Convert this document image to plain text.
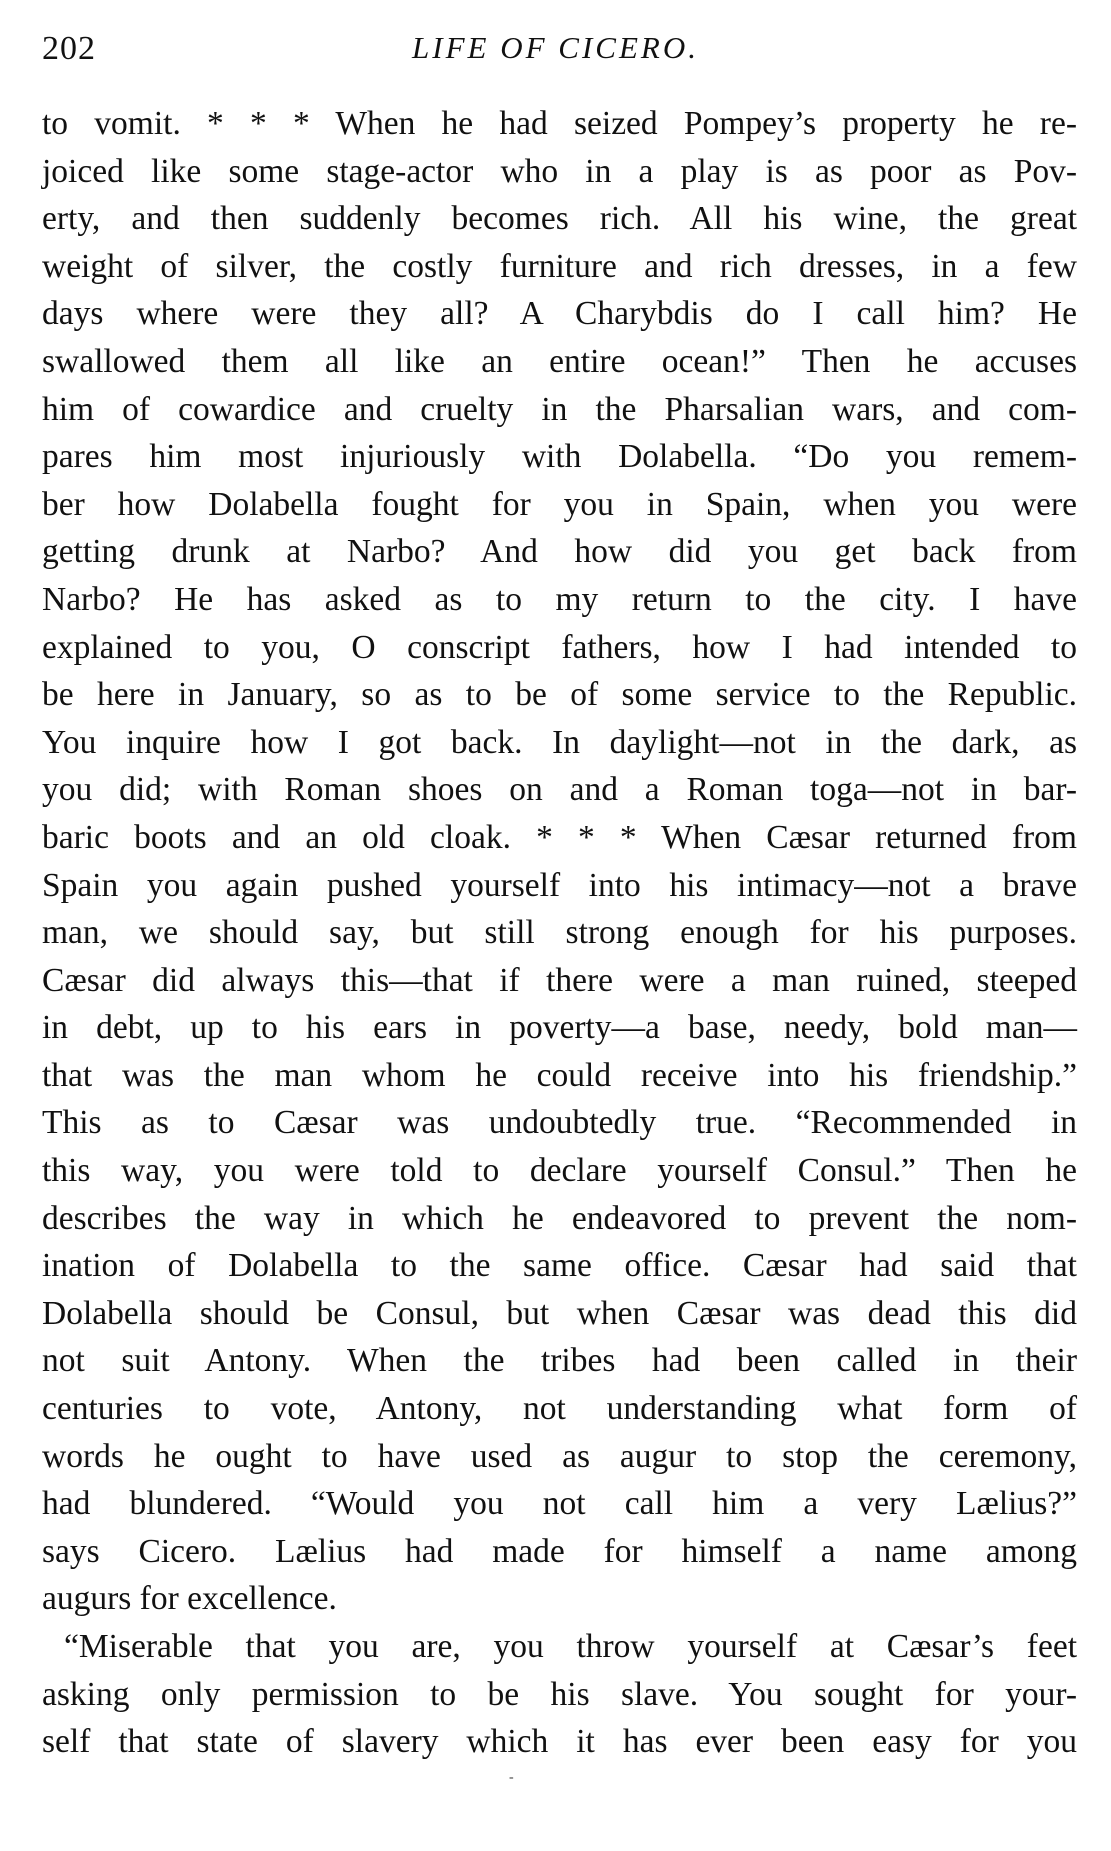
202	LIFE OF CICERO.
to vomit. * * * When he had seized Pompey’s property he re-
joiced like some stage-actor who in a play is as poor as Pov-
erty, and then suddenly becomes rich. All his wine, the great
weight of silver, the costly furniture and rich dresses, in a few
days where were they all? A Charybdis do I call him? He
swallowed them all like an entire ocean!” Then he accuses
him of cowardice and cruelty in the Pharsalian wars, and com-
pares him most injuriously with Dolabella. “Do you remem-
ber how Dolabella fought for you in Spain, when you were
getting drunk at Narbo? And how did you get back from
Narbo? He has asked as to my return to the city. I have
explained to you, O conscript fathers, how I had intended to
be here in January, so as to be of some service to the Republic.
You inquire how I got back. In daylight—not in the dark, as
you did; with Roman shoes on and a Roman toga—not in bar-
baric boots and an old cloak. * * * When Cæsar returned from
Spain you again pushed yourself into his intimacy—not a brave
man, we should say, but still strong enough for his purposes.
Cæsar did always this—that if there were a man ruined, steeped
in debt, up to his ears in poverty—a base, needy, bold man—
that was the man whom he could receive into his friendship.”
This as to Cæsar was undoubtedly true. “Recommended in
this way, you were told to declare yourself Consul.” Then he
describes the way in which he endeavored to prevent the nom-
ination of Dolabella to the same office. Cæsar had said that
Dolabella should be Consul, but when Cæsar was dead this did
not suit Antony. When the tribes had been called in their
centuries to vote, Antony, not understanding what form of
words he ought to have used as augur to stop the ceremony,
had blundered. “Would you not call him a very Lælius?”
says Cicero. Lælius had made for himself a name among
augurs for excellence.
“Miserable that you are, you throw yourself at Cæsar’s feet
asking only permission to be his slave. You sought for your-
self that state of slavery which it has ever been easy for you
-
